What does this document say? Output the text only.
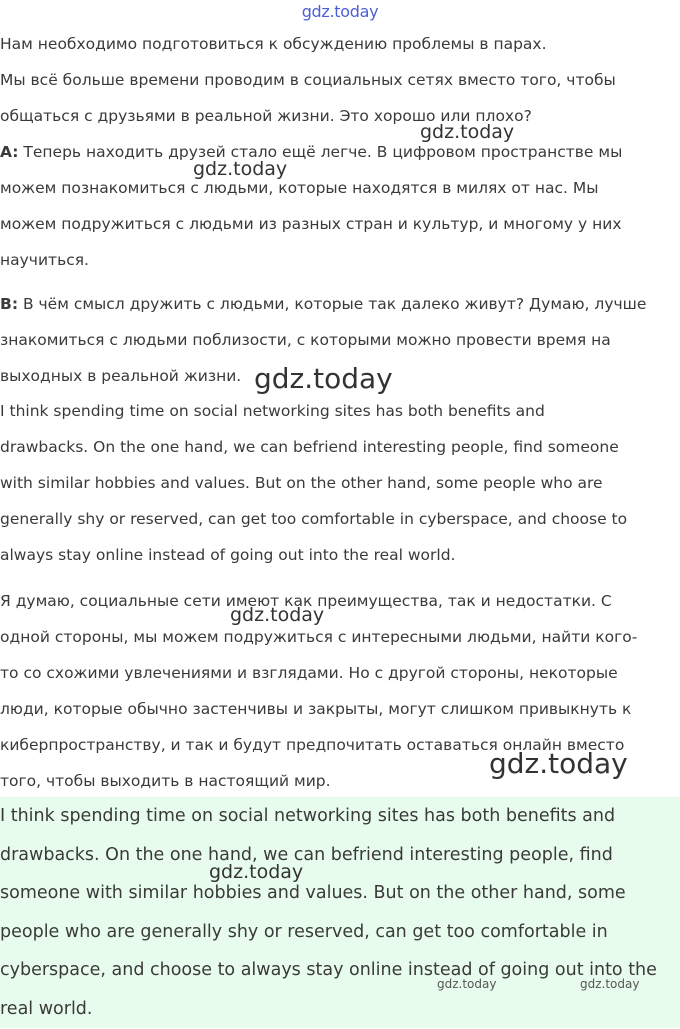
gdz.today

Нам необходимо подготовиться к обсуждению проблемы в парах.
Мы всё больше времени проводим в социальных сетях вместо того, чтобы
общаться с друзьями в реальной жизни. Это хорошо или плохо?

A: Теперь находить друзей стало ещё легче. В цифровом пространстве мы
можем познакомиться с людьми, которые находятся в милях от нас. Мы
можем подружиться с людьми из разных стран и культур, и многому у них
научиться.

B: В чём смысл дружить с людьми, которые так далеко живут? Думаю, лучше
знакомиться с людьми поблизости, с которыми можно провести время на
выходных в реальной жизни.

I think spending time on social networking sites has both benefits and
drawbacks. On the one hand, we can befriend interesting people, find someone
with similar hobbies and values. But on the other hand, some people who are
generally shy or reserved, can get too comfortable in cyberspace, and choose to
always stay online instead of going out into the real world.

Я думаю, социальные сети имеют как преимущества, так и недостатки. С
одной стороны, мы можем подружиться с интересными людьми, найти кого-
то со схожими увлечениями и взглядами. Но с другой стороны, некоторые
люди, которые обычно застенчивы и закрыты, могут слишком привыкнуть к
киберпространству, и так и будут предпочитать оставаться онлайн вместо
того, чтобы выходить в настоящий мир.

I think spending time on social networking sites has both benefits and
drawbacks. On the one hand, we can befriend interesting people, find
someone with similar hobbies and values. But on the other hand, some
people who are generally shy or reserved, can get too comfortable in
cyberspace, and choose to always stay online instead of going out into the
real world.

gdz.today
gdz.today
gdz.today
gdz.today
gdz.today
gdz.today
gdz.today	gdz.today
